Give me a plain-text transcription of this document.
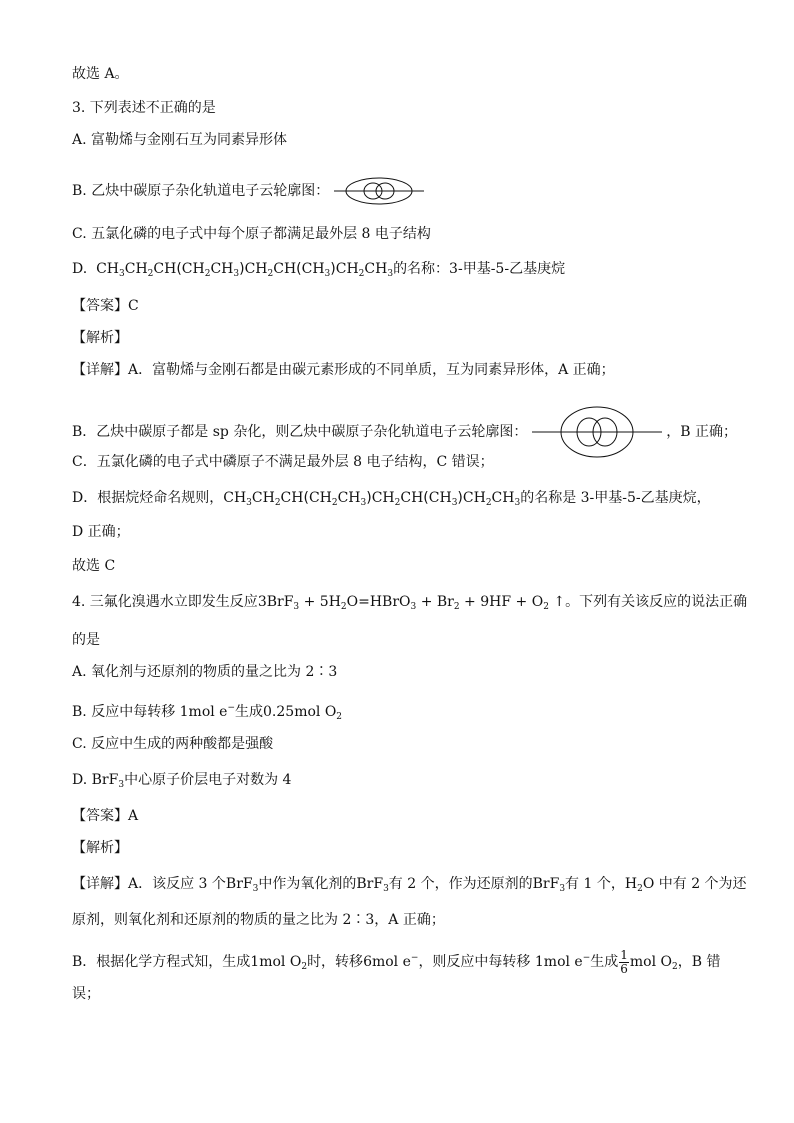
故选 A。
3. 下列表述不正确的是
A. 富勒烯与金刚石互为同素异形体
B. 乙炔中碳原子杂化轨道电子云轮廓图：
C. 五氯化磷的电子式中每个原子都满足最外层 8 电子结构
D.  $CH_3CH_2CH(CH_2CH_3)CH_2CH(CH_3)CH_2CH_3$的名称：3-甲基-5-乙基庚烷
【答案】C
【解析】
【详解】A．富勒烯与金刚石都是由碳元素形成的不同单质，互为同素异形体，A 正确；
B．乙炔中碳原子都是 sp 杂化，则乙炔中碳原子杂化轨道电子云轮廓图：	，B 正确；
C．五氯化磷的电子式中磷原子不满足最外层 8 电子结构，C 错误；
D．根据烷烃命名规则，$CH_3CH_2CH(CH_2CH_3)CH_2CH(CH_3)CH_2CH_3$的名称是 3-甲基-5-乙基庚烷，
D 正确；
故选 C
4. 三氟化溴遇水立即发生反应$3BrF_3 + 5H_2O=HBrO_3 + Br_2 + 9HF + O_2$ ↑。下列有关该反应的说法正确
的是
A. 氧化剂与还原剂的物质的量之比为 2∶3
B. 反应中每转移 1mol e−生成0.25mol $O_2$
C. 反应中生成的两种酸都是强酸
D. BrF$_3$中心原子价层电子对数为 4
【答案】A
【解析】
【详解】A．该反应 3 个BrF$_3$中作为氧化剂的BrF$_3$有 2 个，作为还原剂的BrF$_3$有 1 个，$H_2O$ 中有 2 个为还
原剂，则氧化剂和还原剂的物质的量之比为 2∶3，A 正确；
B．根据化学方程式知，生成1mol $O_2$时，转移6mol e−，则反应中每转移 1mol e−生成 $\frac{1}{6}$ mol $O_2$，B 错
误；
